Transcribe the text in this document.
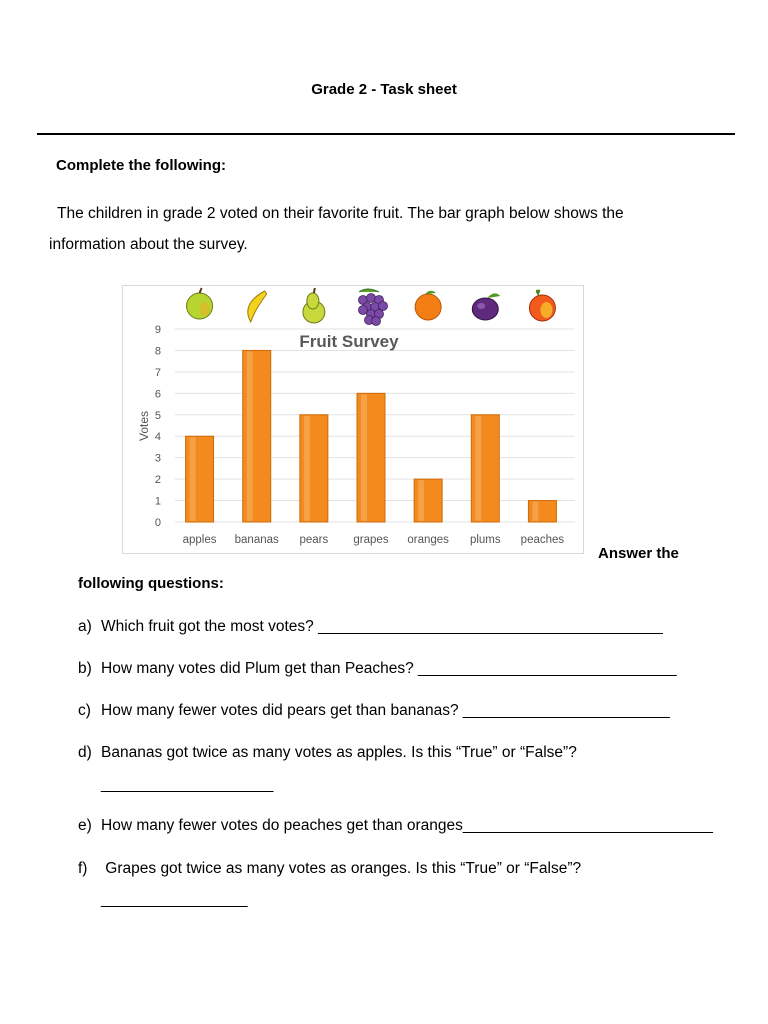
Grade 2 - Task sheet
Complete the following:
The children in grade 2 voted on their favorite fruit. The bar graph below shows the information about the survey.
0
1
2
3
4
5
6
7
8
9
Fruit Survey
Votes
apples bananas pears grapes oranges plums peaches
Answer the
following questions:
a) Which fruit got the most votes? ________________________________________
b) How many votes did Plum get than Peaches? ______________________________
c) How many fewer votes did pears get than bananas? ________________________
d) Bananas got twice as many votes as apples. Is this “True” or “False”?
____________________
e) How many fewer votes do peaches get than oranges_____________________________
f) Grapes got twice as many votes as oranges. Is this “True” or “False”?
_________________
